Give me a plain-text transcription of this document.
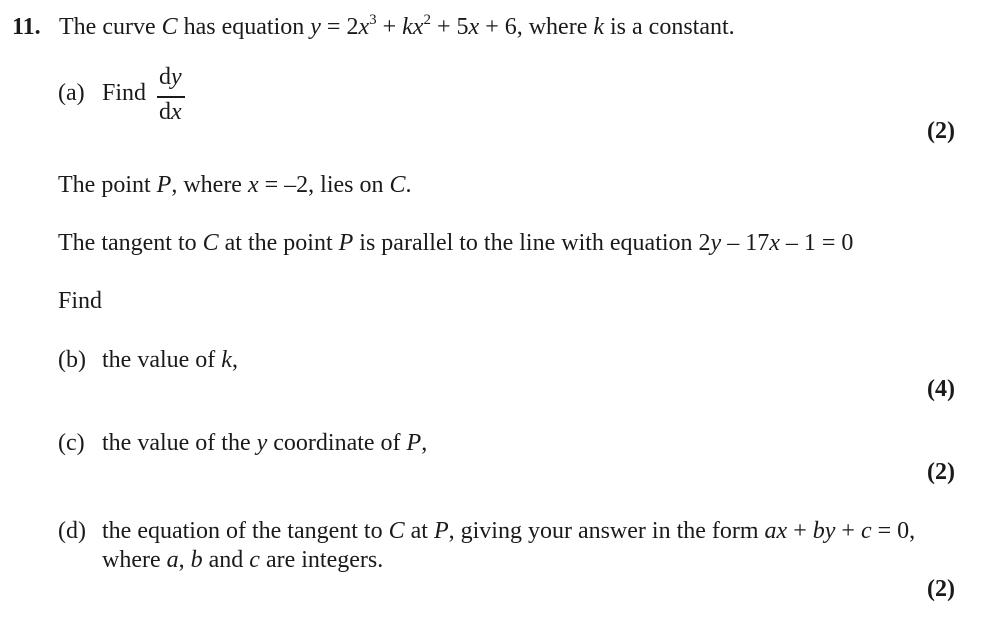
11. The curve C has equation $y = 2x^3 + kx^2 + 5x + 6$, where k is a constant.
(a) Find
dy
dx
(2)
The point P, where x = –2, lies on C.
The tangent to C at the point P is parallel to the line with equation 2y – 17x – 1 = 0
Find
(b) the value of k,
(4)
(c) the value of the y coordinate of P,
(2)
(d) the equation of the tangent to C at P, giving your answer in the form ax + by + c = 0,
where a, b and c are integers.
(2)
